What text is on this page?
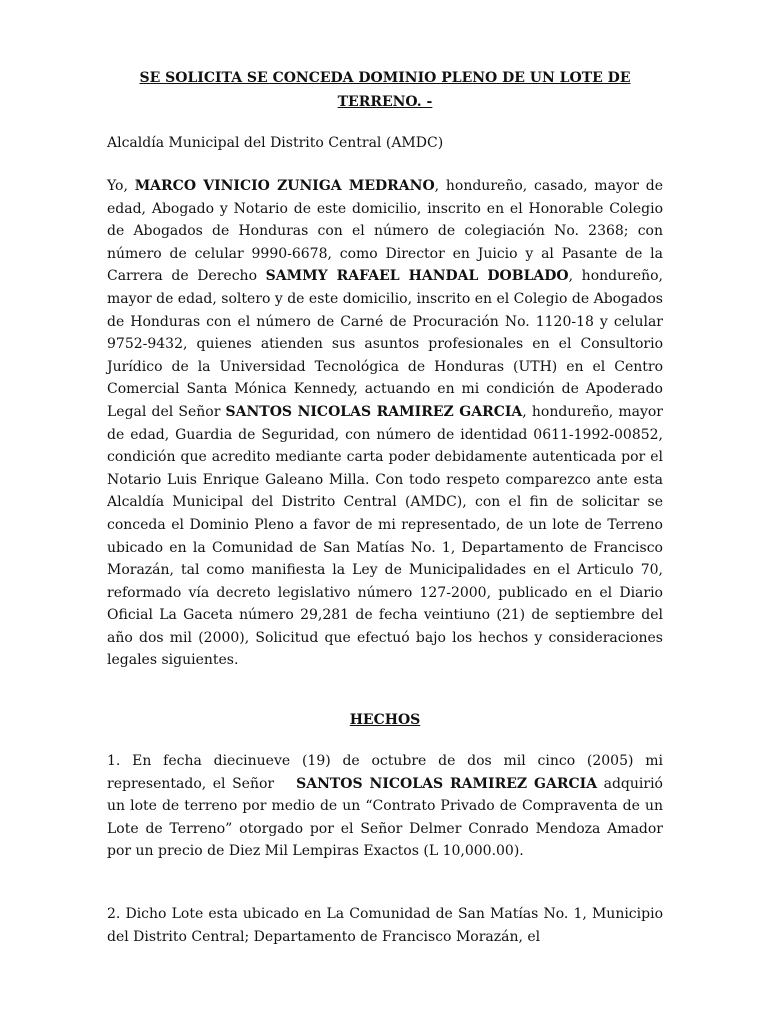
SE SOLICITA SE CONCEDA DOMINIO PLENO DE UN LOTE DE
TERRENO. -

Alcaldía Municipal del Distrito Central (AMDC)

Yo, MARCO VINICIO ZUNIGA MEDRANO, hondureño, casado, mayor de edad, Abogado y Notario de este domicilio, inscrito en el Honorable Colegio de Abogados de Honduras con el número de colegiación No. 2368; con número de celular 9990-6678, como Director en Juicio y al Pasante de la Carrera de Derecho SAMMY RAFAEL HANDAL DOBLADO, hondureño, mayor de edad, soltero y de este domicilio, inscrito en el Colegio de Abogados de Honduras con el número de Carné de Procuración No. 1120-18 y celular 9752-9432, quienes atienden sus asuntos profesionales en el Consultorio Jurídico de la Universidad Tecnológica de Honduras (UTH) en el Centro Comercial Santa Mónica Kennedy, actuando en mi condición de Apoderado Legal del Señor SANTOS NICOLAS RAMIREZ GARCIA, hondureño, mayor de edad, Guardia de Seguridad, con número de identidad 0611-1992-00852, condición que acredito mediante carta poder debidamente autenticada por el Notario Luis Enrique Galeano Milla. Con todo respeto comparezco ante esta Alcaldía Municipal del Distrito Central (AMDC), con el fin de solicitar se conceda el Dominio Pleno a favor de mi representado, de un lote de Terreno ubicado en la Comunidad de San Matías No. 1, Departamento de Francisco Morazán, tal como manifiesta la Ley de Municipalidades en el Articulo 70, reformado vía decreto legislativo número 127-2000, publicado en el Diario Oficial La Gaceta número 29,281 de fecha veintiuno (21) de septiembre del año dos mil (2000), Solicitud que efectuó bajo los hechos y consideraciones legales siguientes.

HECHOS

1. En fecha diecinueve (19) de octubre de dos mil cinco (2005) mi representado, el Señor SANTOS NICOLAS RAMIREZ GARCIA adquirió un lote de terreno por medio de un “Contrato Privado de Compraventa de un Lote de Terreno” otorgado por el Señor Delmer Conrado Mendoza Amador por un precio de Diez Mil Lempiras Exactos (L 10,000.00).

2. Dicho Lote esta ubicado en La Comunidad de San Matías No. 1, Municipio del Distrito Central; Departamento de Francisco Morazán, el
